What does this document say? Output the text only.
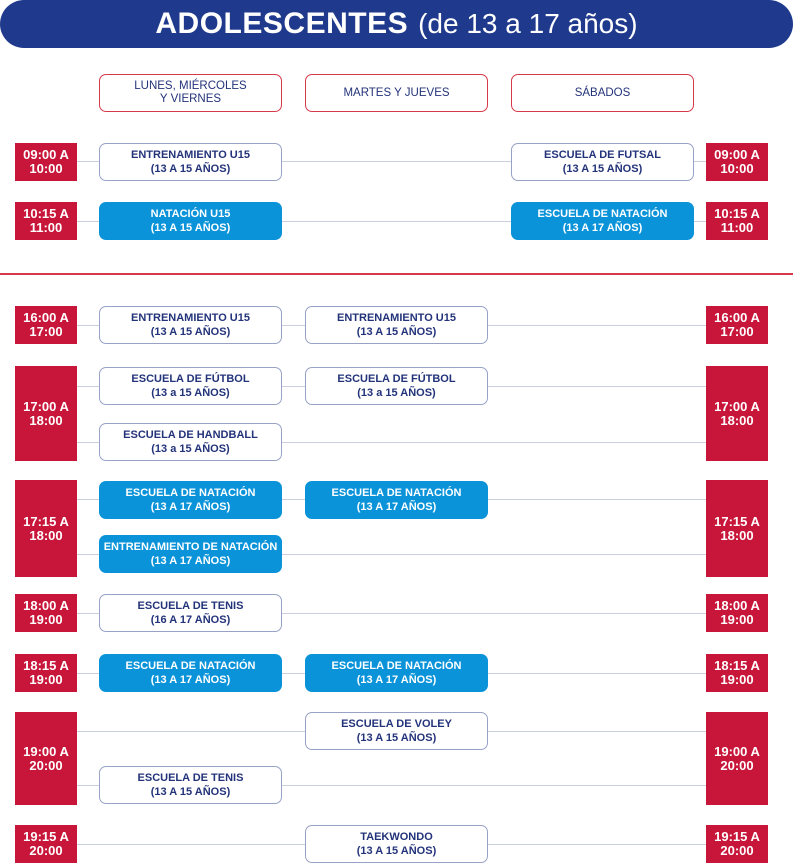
ADOLESCENTES (de 13 a 17 años)
LUNES, MIÉRCOLES
Y VIERNES
MARTES Y JUEVES	SÁBADOS
09:00 A
10:00
10:15 A
11:00
16:00 A
17:00
17:00 A
18:00
17:15 A
18:00
18:00 A
19:00
18:15 A
19:00
19:00 A
20:00
19:15 A
20:00
09:00 A
10:00
10:15 A
11:00
16:00 A
17:00
17:00 A
18:00
17:15 A
18:00
18:00 A
19:00
18:15 A
19:00
19:00 A
20:00
19:15 A
20:00
ENTRENAMIENTO U15
(13 A 15 AÑOS)
ESCUELA DE FUTSAL
(13 A 15 AÑOS)
NATACIÓN U15
(13 A 15 AÑOS)
ESCUELA DE NATACIÓN
(13 A 17 AÑOS)
ENTRENAMIENTO U15
(13 A 15 AÑOS)
ENTRENAMIENTO U15
(13 A 15 AÑOS)
ESCUELA DE FÚTBOL
(13 a 15 AÑOS)
ESCUELA DE FÚTBOL
(13 a 15 AÑOS)
ESCUELA DE HANDBALL
(13 a 15 AÑOS)
ESCUELA DE NATACIÓN
(13 A 17 AÑOS)
ESCUELA DE NATACIÓN
(13 A 17 AÑOS)
ENTRENAMIENTO DE NATACIÓN
(13 A 17 AÑOS)
ESCUELA DE TENIS
(16 A 17 AÑOS)
ESCUELA DE NATACIÓN
(13 A 17 AÑOS)
ESCUELA DE NATACIÓN
(13 A 17 AÑOS)
ESCUELA DE VOLEY
(13 A 15 AÑOS)
ESCUELA DE TENIS
(13 A 15 AÑOS)
TAEKWONDO
(13 A 15 AÑOS)
